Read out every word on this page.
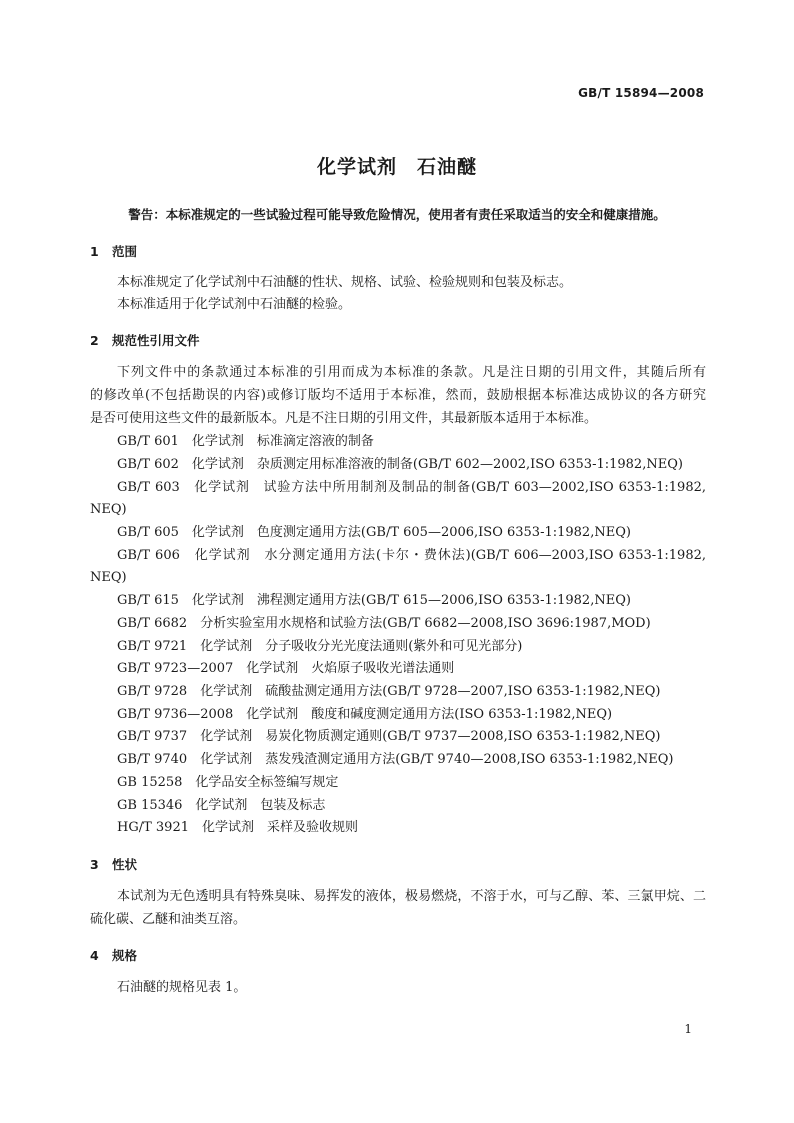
GB/T 15894—2008
化学试剂　石油醚
警告：本标准规定的一些试验过程可能导致危险情况，使用者有责任采取适当的安全和健康措施。
1 范围
本标准规定了化学试剂中石油醚的性状、规格、试验、检验规则和包装及标志。
本标准适用于化学试剂中石油醚的检验。
2 规范性引用文件
下列文件中的条款通过本标准的引用而成为本标准的条款。凡是注日期的引用文件，其随后所有
的修改单(不包括勘误的内容)或修订版均不适用于本标准，然而，鼓励根据本标准达成协议的各方研究
是否可使用这些文件的最新版本。凡是不注日期的引用文件，其最新版本适用于本标准。
GB/T 601　化学试剂　标准滴定溶液的制备
GB/T 602　化学试剂　杂质测定用标准溶液的制备(GB/T 602—2002,ISO 6353-1:1982,NEQ)
GB/T 603　化学试剂　试验方法中所用制剂及制品的制备(GB/T 603—2002,ISO 6353-1:1982,
NEQ)
GB/T 605　化学试剂　色度测定通用方法(GB/T 605—2006,ISO 6353-1:1982,NEQ)
GB/T 606　化学试剂　水分测定通用方法(卡尔・费休法)(GB/T 606—2003,ISO 6353-1:1982,
NEQ)
GB/T 615　化学试剂　沸程测定通用方法(GB/T 615—2006,ISO 6353-1:1982,NEQ)
GB/T 6682　分析实验室用水规格和试验方法(GB/T 6682—2008,ISO 3696:1987,MOD)
GB/T 9721　化学试剂　分子吸收分光光度法通则(紫外和可见光部分)
GB/T 9723—2007　化学试剂　火焰原子吸收光谱法通则
GB/T 9728　化学试剂　硫酸盐测定通用方法(GB/T 9728—2007,ISO 6353-1:1982,NEQ)
GB/T 9736—2008　化学试剂　酸度和碱度测定通用方法(ISO 6353-1:1982,NEQ)
GB/T 9737　化学试剂　易炭化物质测定通则(GB/T 9737—2008,ISO 6353-1:1982,NEQ)
GB/T 9740　化学试剂　蒸发残渣测定通用方法(GB/T 9740—2008,ISO 6353-1:1982,NEQ)
GB 15258　化学品安全标签编写规定
GB 15346　化学试剂　包装及标志
HG/T 3921　化学试剂　采样及验收规则
3 性状
本试剂为无色透明具有特殊臭味、易挥发的液体，极易燃烧，不溶于水，可与乙醇、苯、三氯甲烷、二
硫化碳、乙醚和油类互溶。
4 规格
石油醚的规格见表 1。
1
